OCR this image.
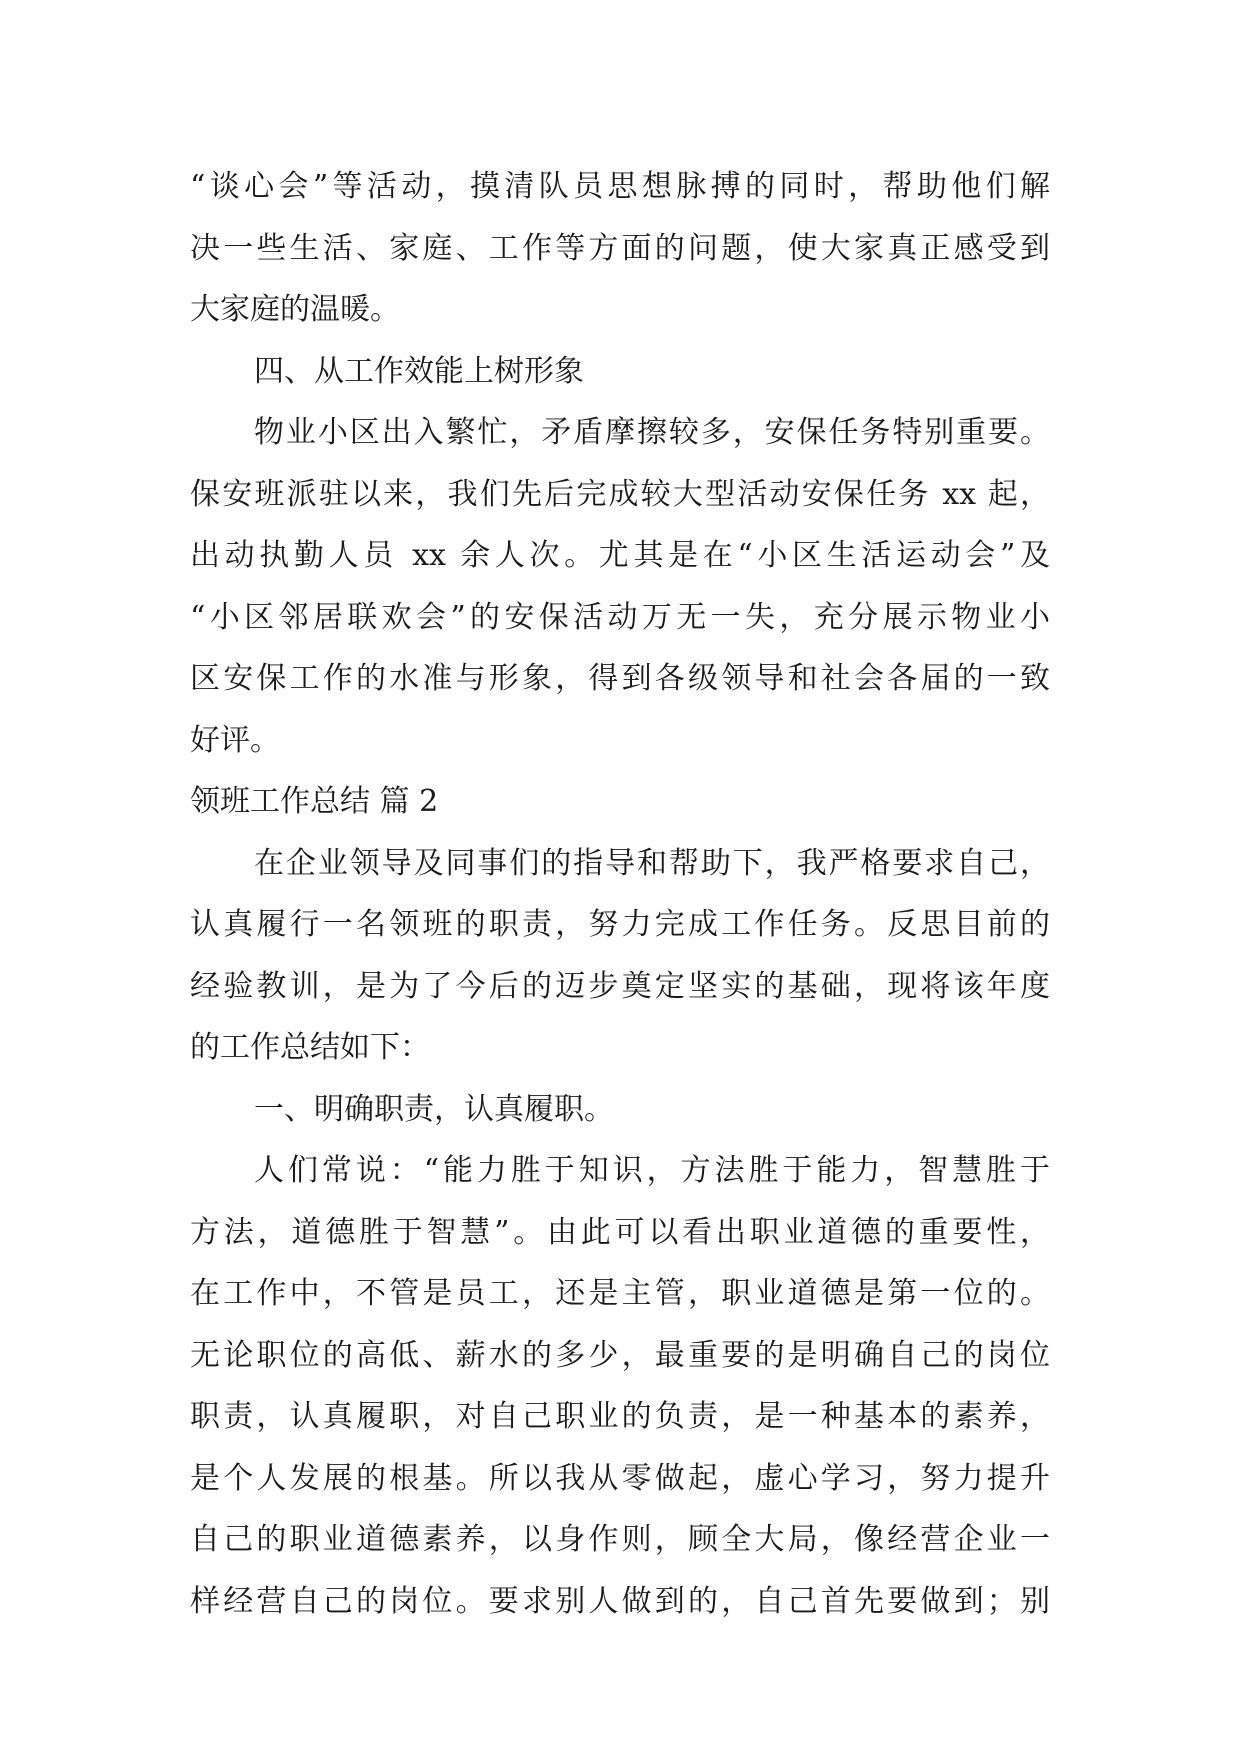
“谈心会”等活动，摸清队员思想脉搏的同时，帮助他们解
决一些生活、家庭、工作等方面的问题，使大家真正感受到
大家庭的温暖。
四、从工作效能上树形象
物业小区出入繁忙，矛盾摩擦较多，安保任务特别重要。
保安班派驻以来，我们先后完成较大型活动安保任务 xx 起，
出动执勤人员 xx 余人次。尤其是在“小区生活运动会”及
“小区邻居联欢会”的安保活动万无一失，充分展示物业小
区安保工作的水准与形象，得到各级领导和社会各届的一致
好评。
领班工作总结 篇 2
在企业领导及同事们的指导和帮助下，我严格要求自己，
认真履行一名领班的职责，努力完成工作任务。反思目前的
经验教训，是为了今后的迈步奠定坚实的基础，现将该年度
的工作总结如下：
一、明确职责，认真履职。
人们常说：“能力胜于知识，方法胜于能力，智慧胜于
方法，道德胜于智慧”。由此可以看出职业道德的重要性，
在工作中，不管是员工，还是主管，职业道德是第一位的。
无论职位的高低、薪水的多少，最重要的是明确自己的岗位
职责，认真履职，对自己职业的负责，是一种基本的素养，
是个人发展的根基。所以我从零做起，虚心学习，努力提升
自己的职业道德素养，以身作则，顾全大局，像经营企业一
样经营自己的岗位。要求别人做到的，自己首先要做到；别
